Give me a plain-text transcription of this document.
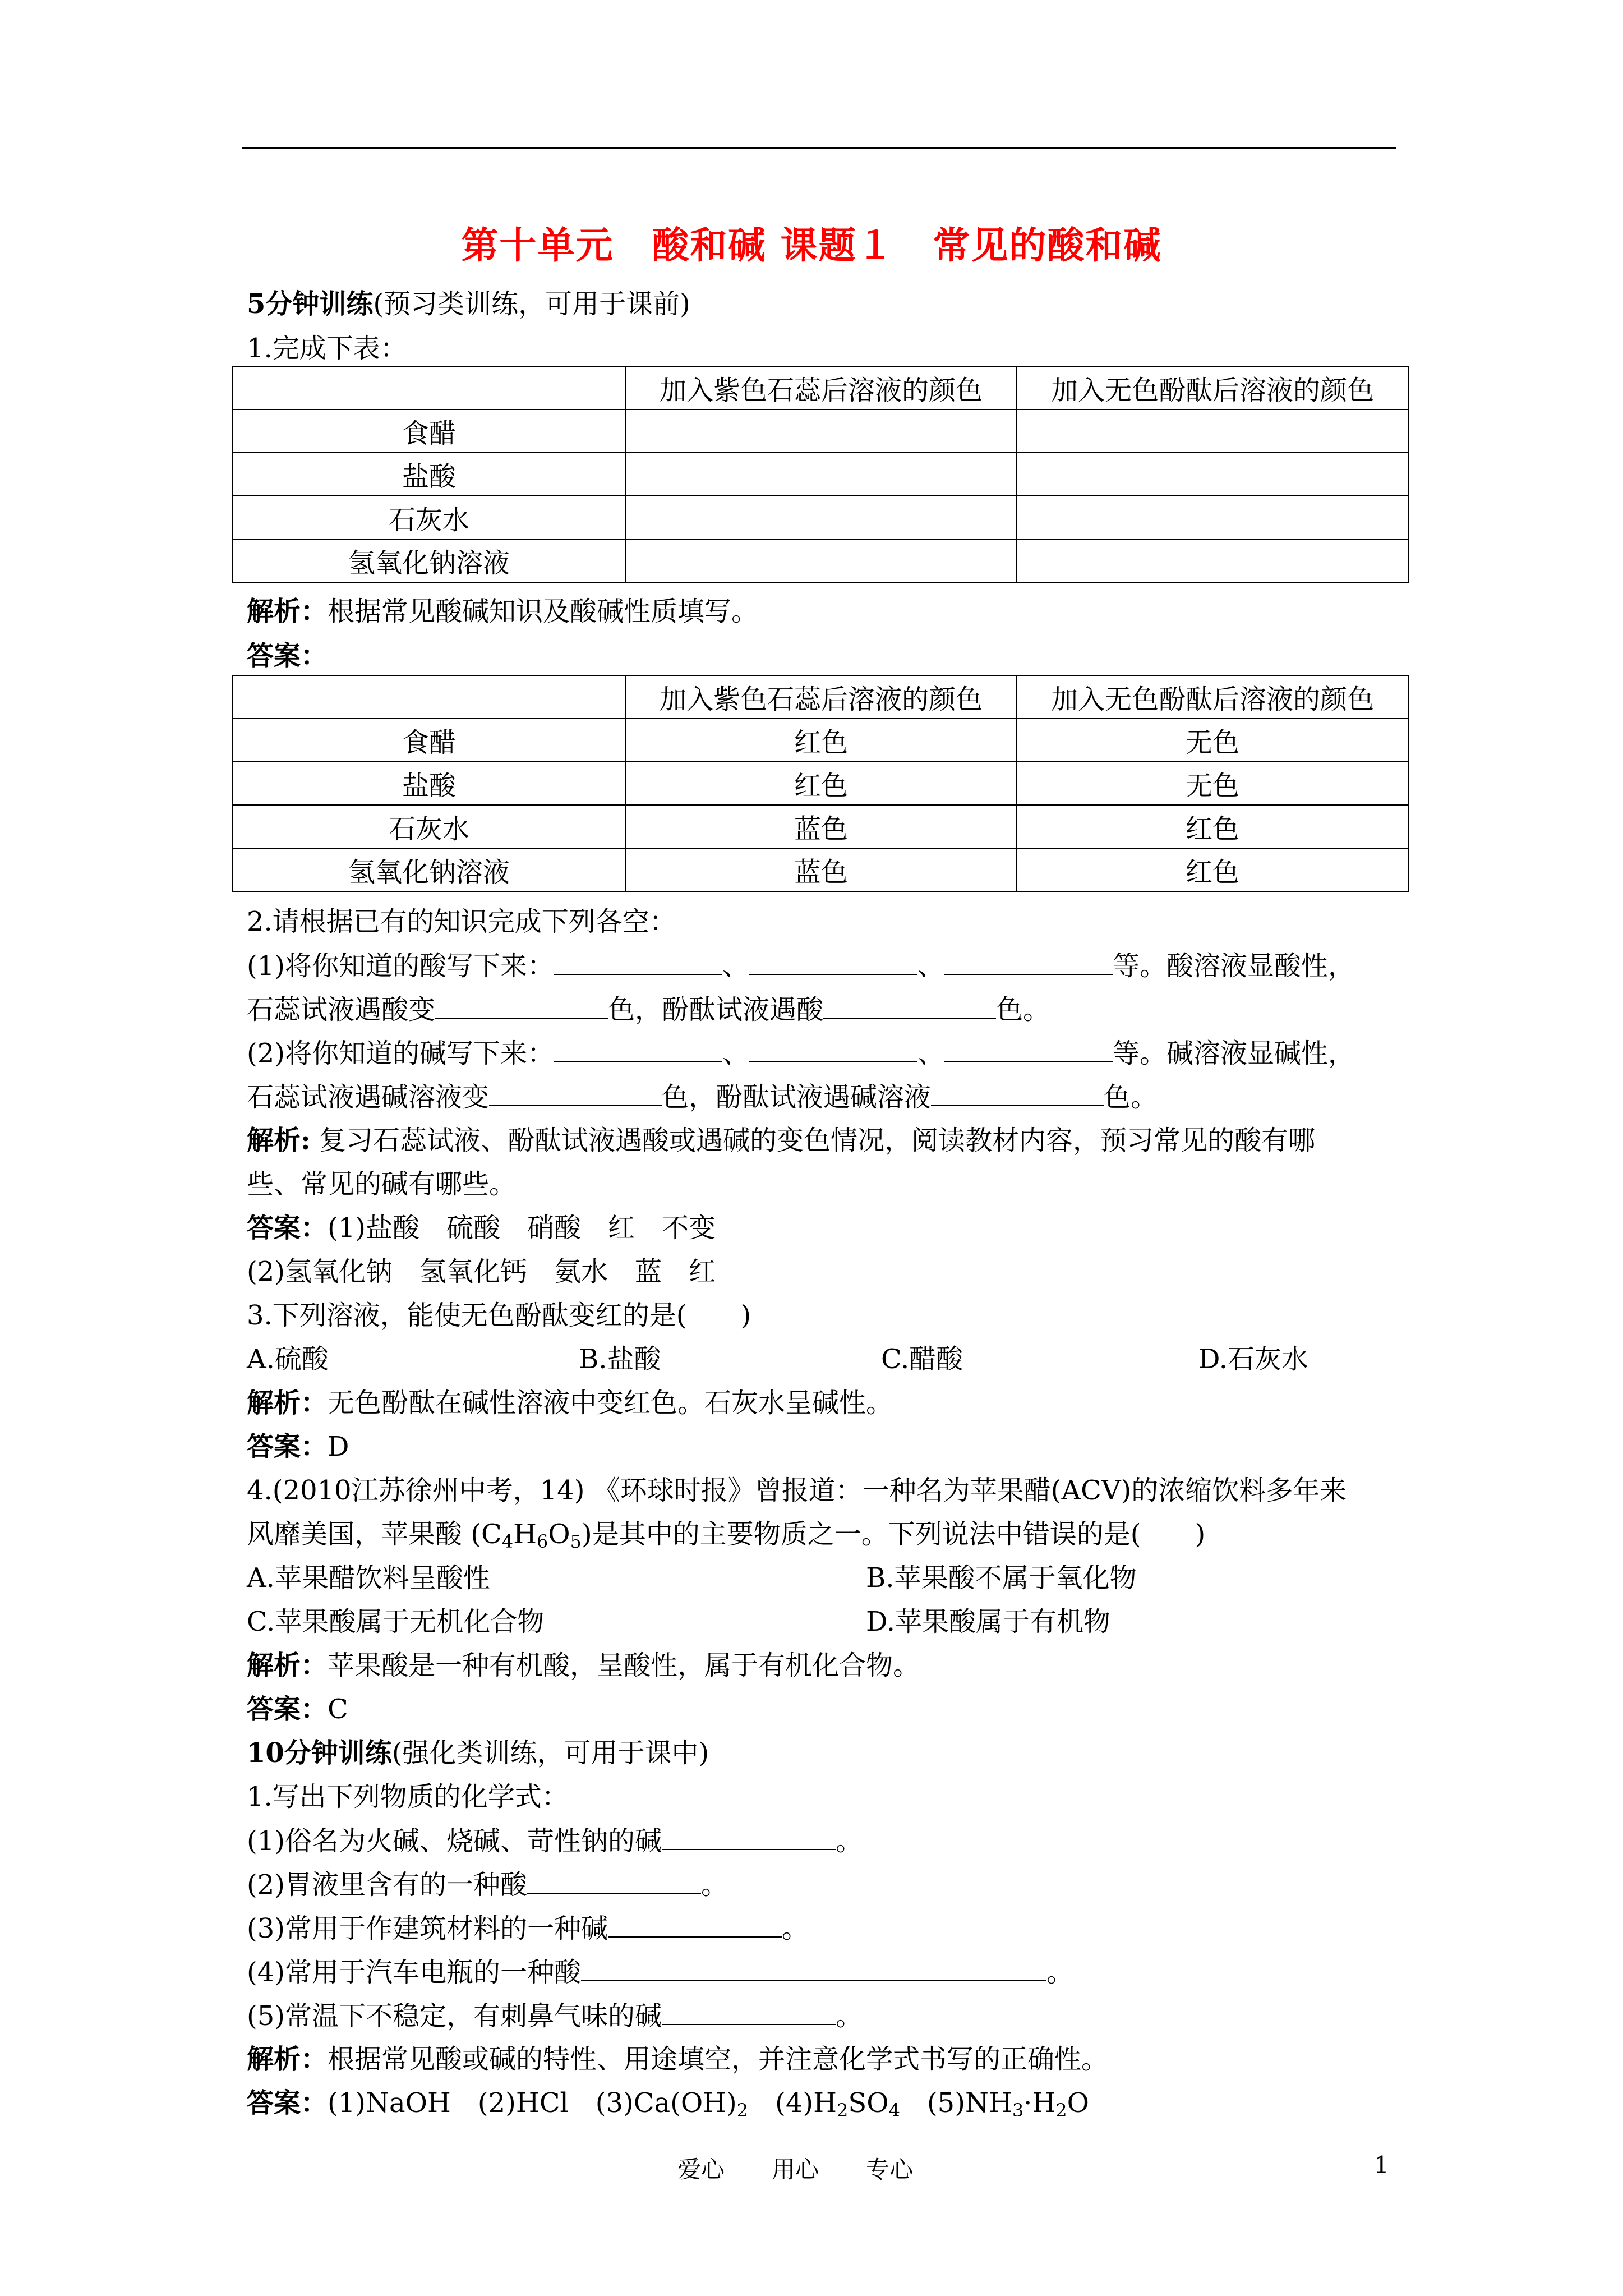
第十单元　酸和碱 课题１　常见的酸和碱
5分钟训练(预习类训练，可用于课前)
1.完成下表：
	加入紫色石蕊后溶液的颜色	加入无色酚酞后溶液的颜色
食醋		
盐酸		
石灰水		
氢氧化钠溶液		
解析：根据常见酸碱知识及酸碱性质填写。
答案：
	加入紫色石蕊后溶液的颜色	加入无色酚酞后溶液的颜色
食醋	红色	无色
盐酸	红色	无色
石灰水	蓝色	红色
氢氧化钠溶液	蓝色	红色
2.请根据已有的知识完成下列各空：
(1)将你知道的酸写下来：	、	、	等。酸溶液显酸性，
石蕊试液遇酸变	色，酚酞试液遇酸	色。
(2)将你知道的碱写下来：	、	、	等。碱溶液显碱性，
石蕊试液遇碱溶液变	色，酚酞试液遇碱溶液	色。
解析: 复习石蕊试液、酚酞试液遇酸或遇碱的变色情况，阅读教材内容，预习常见的酸有哪
些、常见的碱有哪些。
答案：(1)盐酸　硫酸　硝酸　红　不变
(2)氢氧化钠　氢氧化钙　氨水　蓝　红
3.下列溶液，能使无色酚酞变红的是(　　)
A.硫酸	B.盐酸	C.醋酸	D.石灰水
解析：无色酚酞在碱性溶液中变红色。石灰水呈碱性。
答案：D
4.(2010江苏徐州中考，14) 《环球时报》曾报道：一种名为苹果醋(ACV)的浓缩饮料多年来
风靡美国，苹果酸 $(C_4H_6O_5)$是其中的主要物质之一。下列说法中错误的是(　　)
A.苹果醋饮料呈酸性	B.苹果酸不属于氧化物
C.苹果酸属于无机化合物	D.苹果酸属于有机物
解析：苹果酸是一种有机酸，呈酸性，属于有机化合物。
答案：C
10分钟训练(强化类训练，可用于课中)
1.写出下列物质的化学式：
(1)俗名为火碱、烧碱、苛性钠的碱	。
(2)胃液里含有的一种酸	。
(3)常用于作建筑材料的一种碱	。
(4)常用于汽车电瓶的一种酸	。
(5)常温下不稳定，有刺鼻气味的碱	。
解析：根据常见酸或碱的特性、用途填空，并注意化学式书写的正确性。
答案：(1)NaOH　(2)HCl　$(3)Ca(OH)_2$　$(4)H_2SO_4$　$(5)NH_3\cdot H_2O$
爱心　　用心　　专心	1
